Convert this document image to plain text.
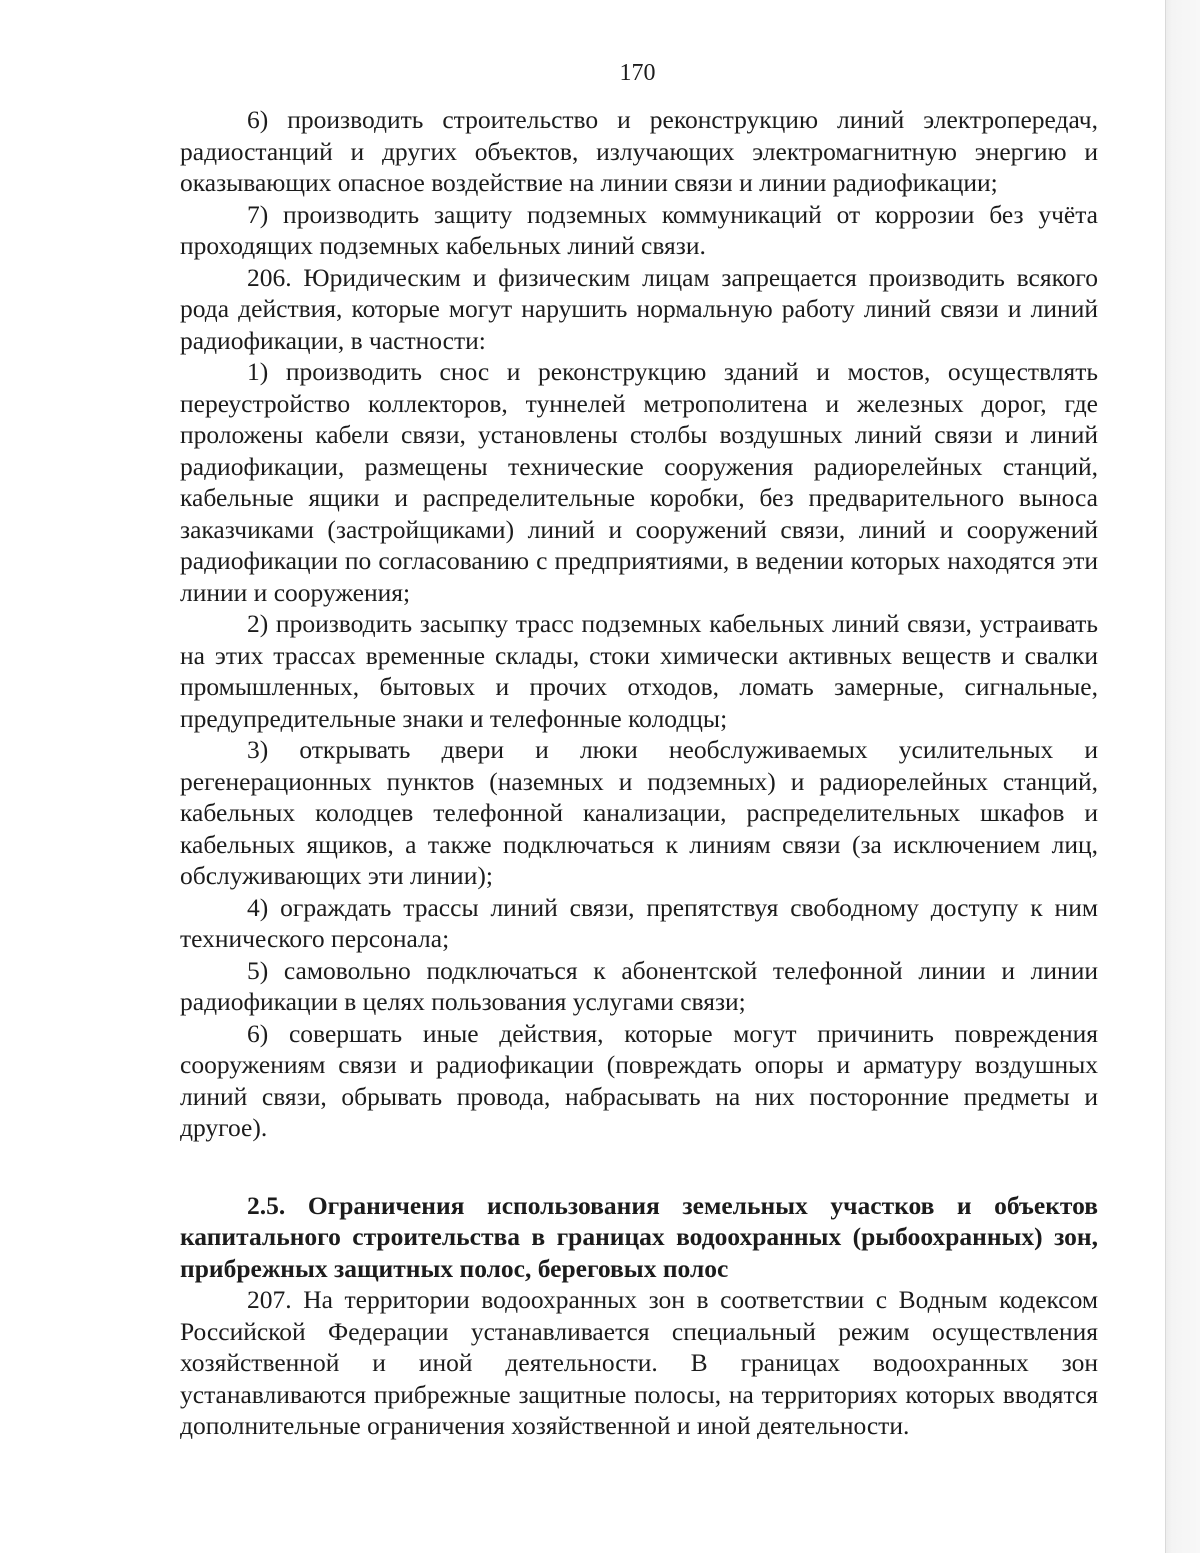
170

6) производить строительство и реконструкцию линий электропередач, радиостанций и других объектов, излучающих электромагнитную энергию и оказывающих опасное воздействие на линии связи и линии радиофикации;

7) производить защиту подземных коммуникаций от коррозии без учёта проходящих подземных кабельных линий связи.

206. Юридическим и физическим лицам запрещается производить всякого рода действия, которые могут нарушить нормальную работу линий связи и линий радиофикации, в частности:

1) производить снос и реконструкцию зданий и мостов, осуществлять переустройство коллекторов, туннелей метрополитена и железных дорог, где проложены кабели связи, установлены столбы воздушных линий связи и линий радиофикации, размещены технические сооружения радиорелейных станций, кабельные ящики и распределительные коробки, без предварительного выноса заказчиками (застройщиками) линий и сооружений связи, линий и сооружений радиофикации по согласованию с предприятиями, в ведении которых находятся эти линии и сооружения;

2) производить засыпку трасс подземных кабельных линий связи, устраивать на этих трассах временные склады, стоки химически активных веществ и свалки промышленных, бытовых и прочих отходов, ломать замерные, сигнальные, предупредительные знаки и телефонные колодцы;

3) открывать двери и люки необслуживаемых усилительных и регенерационных пунктов (наземных и подземных) и радиорелейных станций, кабельных колодцев телефонной канализации, распределительных шкафов и кабельных ящиков, а также подключаться к линиям связи (за исключением лиц, обслуживающих эти линии);

4) ограждать трассы линий связи, препятствуя свободному доступу к ним технического персонала;

5) самовольно подключаться к абонентской телефонной линии и линии радиофикации в целях пользования услугами связи;

6) совершать иные действия, которые могут причинить повреждения сооружениям связи и радиофикации (повреждать опоры и арматуру воздушных линий связи, обрывать провода, набрасывать на них посторонние предметы и другое).

2.5. Ограничения использования земельных участков и объектов капитального строительства в границах водоохранных (рыбоохранных) зон, прибрежных защитных полос, береговых полос

207. На территории водоохранных зон в соответствии с Водным кодексом Российской Федерации устанавливается специальный режим осуществления хозяйственной и иной деятельности. В границах водоохранных зон устанавливаются прибрежные защитные полосы, на территориях которых вводятся дополнительные ограничения хозяйственной и иной деятельности.
